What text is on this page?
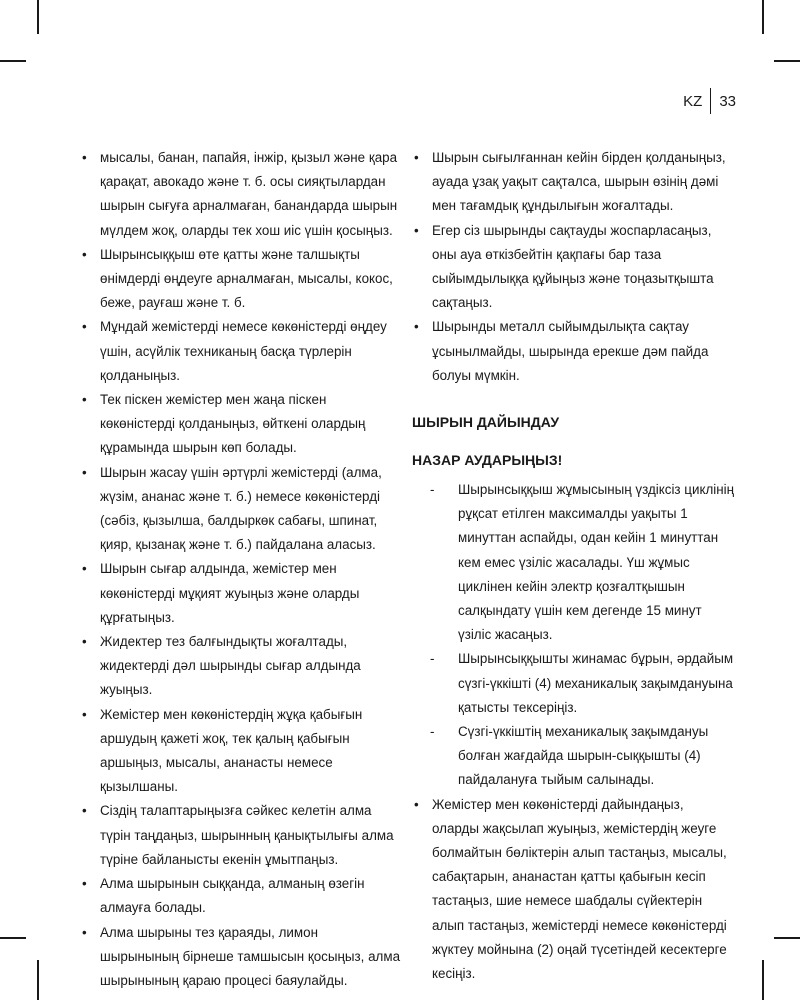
KZ	33
• мысалы, банан, папайя, інжір, қызыл және қара қарақат, авокадо және т. б. осы сияқтылардан шырын сығуға арналмаған, банандарда шырын мүлдем жоқ, оларды тек хош иіс үшін қосыңыз.
• Шырынсыққыш өте қатты және талшықты өнімдерді өңдеуге арналмаған, мысалы, кокос, беже, рауғаш және т. б.
• Мұндай жемістерді немесе көкөністерді өңдеу үшін, асүйлік техниканың басқа түрлерін қолданыңыз.
• Тек піскен жемістер мен жаңа піскен көкөністерді қолданыңыз, өйткені олардың құрамында шырын көп болады.
• Шырын жасау үшін әртүрлі жемістерді (алма, жүзім, ананас және т. б.) немесе көкөністерді (сәбіз, қызылша, балдыркөк сабағы, шпинат, қияр, қызанақ және т. б.) пайдалана аласыз.
• Шырын сығар алдында, жемістер мен көкөністерді мұқият жуыңыз және оларды құрғатыңыз.
• Жидектер тез балғындықты жоғалтады, жидектерді дәл шырынды сығар алдында жуыңыз.
• Жемістер мен көкөністердің жұқа қабығын аршудың қажеті жоқ, тек қалың қабығын аршыңыз, мысалы, ананасты немесе қызылшаны.
• Сіздің талаптарыңызға сәйкес келетін алма түрін таңдаңыз, шырынның қанықтылығы алма түріне байланысты екенін ұмытпаңыз.
• Алма шырынын сыққанда, алманың өзегін алмауға болады.
• Алма шырыны тез қараяды, лимон шырынының бірнеше тамшысын қосыңыз, алма шырынының қараю процесі баяулайды.
• Шырын сығылғаннан кейін бірден қолданыңыз, ауада ұзақ уақыт сақталса, шырын өзінің дәмі мен тағамдық құндылығын жоғалтады.
• Егер сіз шырынды сақтауды жоспарласаңыз, оны ауа өткізбейтін қақпағы бар таза сыйымдылыққа құйыңыз және тоңазытқышта сақтаңыз.
• Шырынды металл сыйымдылықта сақтау ұсынылмайды, шырында ерекше дәм пайда болуы мүмкін.
ШЫРЫН ДАЙЫНДАУ
НАЗАР АУДАРЫҢЫЗ!
- Шырынсыққыш жұмысының үздіксіз циклінің рұқсат етілген максималды уақыты 1 минуттан аспайды, одан кейін 1 минуттан кем емес үзіліс жасалады. Үш жұмыс циклінен кейін электр қозғалтқышын салқындату үшін кем дегенде 15 минут үзіліс жасаңыз.
- Шырынсыққышты жинамас бұрын, әрдайым сүзгі-үккішті (4) механикалық зақымдануына қатысты тексеріңіз.
- Сүзгі-үккіштің механикалық зақымдануы болған жағдайда шырын-сыққышты (4) пайдалануға тыйым салынады.
• Жемістер мен көкөністерді дайындаңыз, оларды жақсылап жуыңыз, жемістердің жеуге болмайтын бөліктерін алып тастаңыз, мысалы, сабақтарын, ананастан қатты қабығын кесіп тастаңыз, шие немесе шабдалы сүйектерін алып тастаңыз, жемістерді немесе көкөністерді жүктеу мойнына (2) оңай түсетіндей кесектерге кесіңіз.
